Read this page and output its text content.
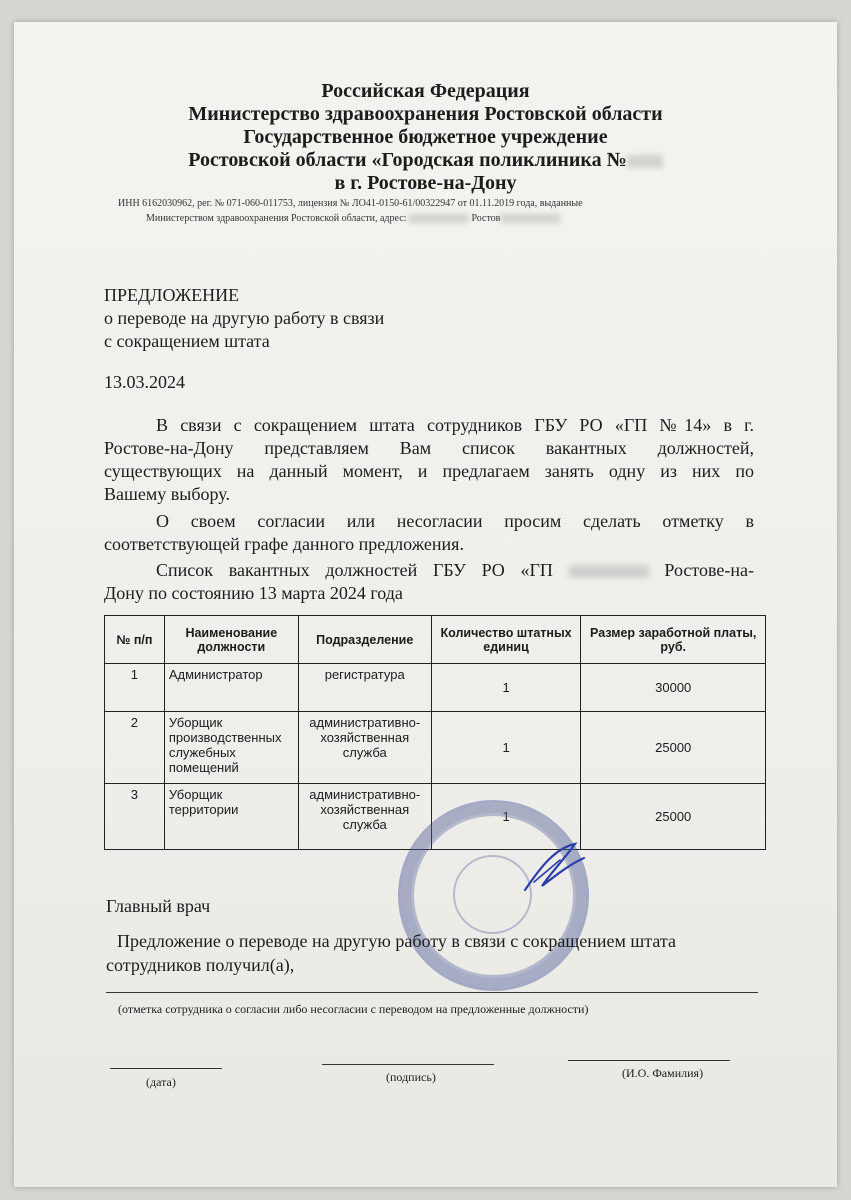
Российская Федерация
Министерство здравоохранения Ростовской области
Государственное бюджетное учреждение
Ростовской области «Городская поликлиника №
в г. Ростове-на-Дону
ИНН 6162030962, рег. № 071-060-011753, лицензия № ЛО41-0150-61/00322947 от 01.11.2019 года, выданные
Министерством здравоохранения Ростовской области, адрес:	Ростов
ПРЕДЛОЖЕНИЕ
о переводе на другую работу в связи
с сокращением штата
13.03.2024
В связи с сокращением штата сотрудников ГБУ РО «ГП №14» в г.
Ростове-на-Дону представляем Вам список вакантных должностей,
существующих на данный момент, и предлагаем занять одну из них по
Вашему выбору.
О своем согласии или несогласии просим сделать отметку в
соответствующей графе данного предложения.
Список вакантных должностей ГБУ РО «ГП	Ростове-на-
Дону по состоянию 13 марта 2024 года
№ п/п	Наименование должности	Подразделение	Количество штатных единиц	Размер заработной платы, руб.
1	Администратор	регистратура	1	30000
2	Уборщик производственных служебных помещений	административно-хозяйственная служба	1	25000
3	Уборщик территории	административно-хозяйственная служба	1	25000
Главный врач
Предложение о переводе на другую работу в связи с сокращением штата
сотрудников получил(а),
(отметка сотрудника о согласии либо несогласии с переводом на предложенные должности)
(дата)	(подпись)	(И.О. Фамилия)
